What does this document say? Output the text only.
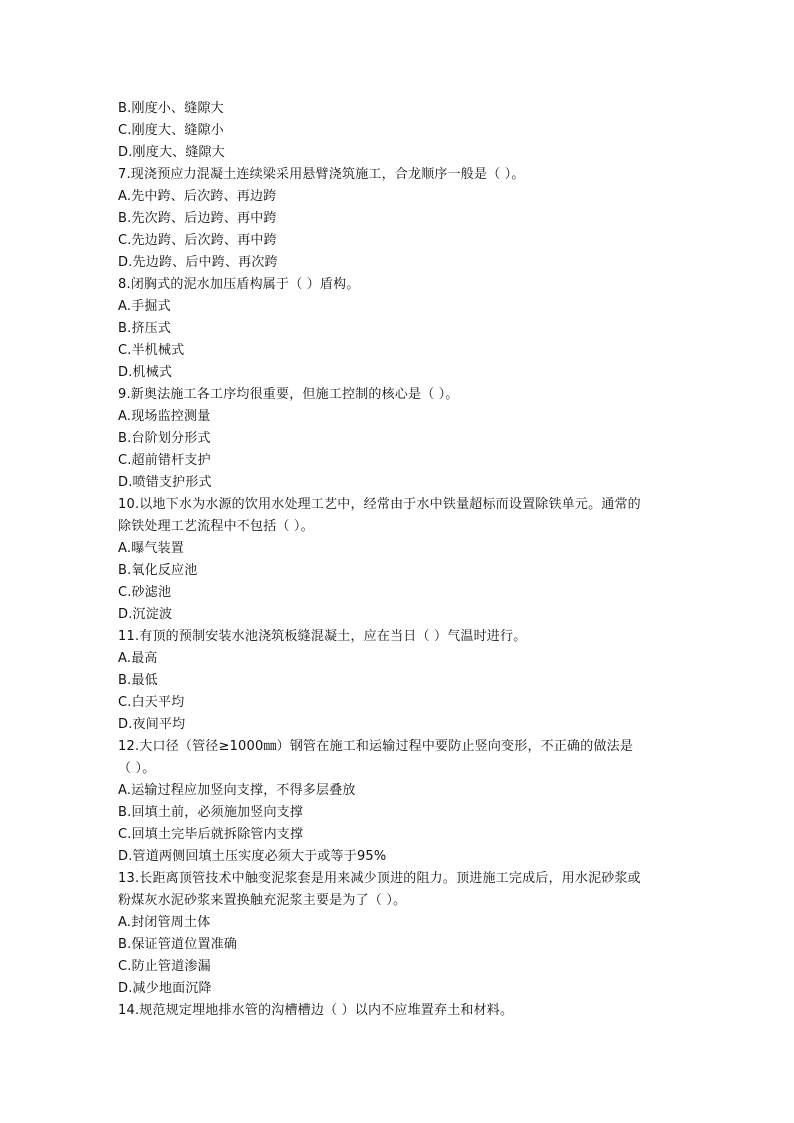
B.刚度小、缝隙大
C.刚度大、缝隙小
D.刚度大、缝隙大
7.现浇预应力混凝土连续梁采用悬臂浇筑施工，合龙顺序一般是（ ）。
A.先中跨、后次跨、再边跨
B.先次跨、后边跨、再中跨
C.先边跨、后次跨、再中跨
D.先边跨、后中跨、再次跨
8.闭胸式的泥水加压盾构属于（ ）盾构。
A.手掘式
B.挤压式
C.半机械式
D.机械式
9.新奥法施工各工序均很重要，但施工控制的核心是（ ）。
A.现场监控测量
B.台阶划分形式
C.超前错杆支护
D.喷错支护形式
10.以地下水为水源的饮用水处理工艺中，经常由于水中铁量超标而设置除铁单元。通常的
除铁处理工艺流程中不包括（ ）。
A.曝气装置
B.氧化反应池
C.砂滤池
D.沉淀波
11.有顶的预制安装水池浇筑板缝混凝土，应在当日（ ）气温时进行。
A.最高
B.最低
C.白天平均
D.夜间平均
12.大口径（管径≥1000㎜）钢管在施工和运输过程中要防止竖向变形，不正确的做法是
（ ）。
A.运输过程应加竖向支撑，不得多层叠放
B.回填土前，必须施加竖向支撑
C.回填土完毕后就拆除管内支撑
D.管道两侧回填土压实度必须大于或等于95%
13.长距离顶管技术中触变泥浆套是用来减少顶进的阻力。顶进施工完成后，用水泥砂浆或
粉煤灰水泥砂浆来置换触充泥浆主要是为了（ ）。
A.封闭管周土体
B.保证管道位置准确
C.防止管道渗漏
D.减少地面沉降
14.规范规定埋地排水管的沟槽槽边（ ）以内不应堆置弃土和材料。
